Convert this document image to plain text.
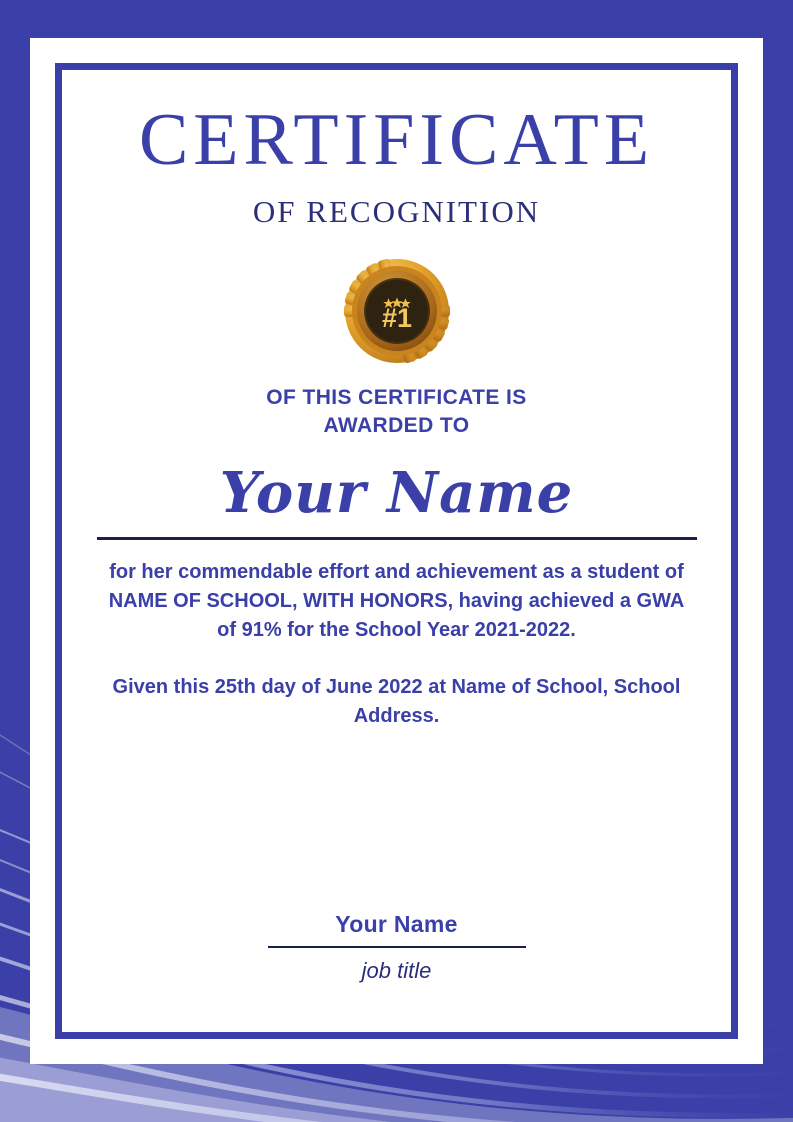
CERTIFICATE
OF RECOGNITION
#1
OF THIS CERTIFICATE IS
AWARDED TO
Your Name
for her commendable effort and achievement as a student of NAME OF SCHOOL, WITH HONORS, having achieved a GWA of 91% for the School Year 2021-2022.
Given this 25th day of June 2022 at Name of School, School Address.
Your Name
job title
